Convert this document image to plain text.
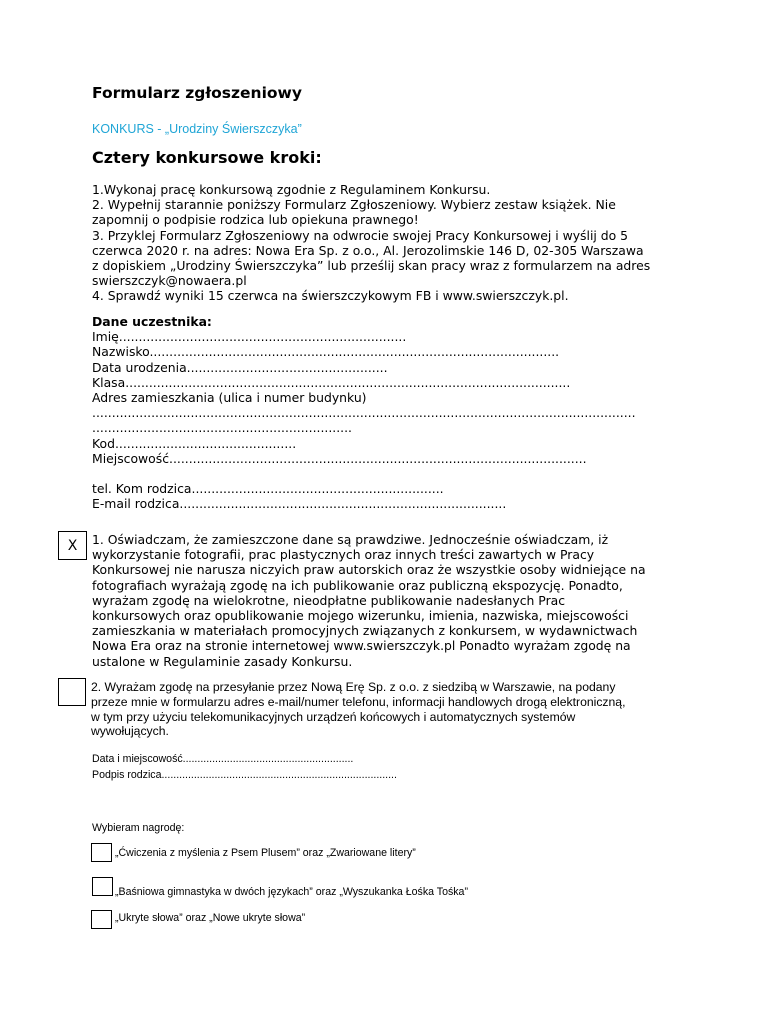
Formularz zgłoszeniowy
KONKURS - „Urodziny Świerszczyka”
Cztery konkursowe kroki:
1.Wykonaj pracę konkursową zgodnie z Regulaminem Konkursu.
2. Wypełnij starannie poniższy Formularz Zgłoszeniowy. Wybierz zestaw książek. Nie
zapomnij o podpisie rodzica lub opiekuna prawnego!
3. Przyklej Formularz Zgłoszeniowy na odwrocie swojej Pracy Konkursowej i wyślij do 5
czerwca 2020 r. na adres: Nowa Era Sp. z o.o., Al. Jerozolimskie 146 D, 02-305 Warszawa
z dopiskiem „Urodziny Świerszczyka” lub prześlij skan pracy wraz z formularzem na adres
swierszczyk@nowaera.pl
4. Sprawdź wyniki 15 czerwca na świerszczykowym FB i www.swierszczyk.pl.
Dane uczestnika:
Imię.........................................................................
Nazwisko........................................................................................................
Data urodzenia...................................................
Klasa.................................................................................................................
Adres zamieszkania (ulica i numer budynku)
..........................................................................................................................................
..................................................................
Kod..............................................
Miejscowość..........................................................................................................
tel. Kom rodzica................................................................
E-mail rodzica...................................................................................
X 1. Oświadczam, że zamieszczone dane są prawdziwe. Jednocześnie oświadczam, iż
wykorzystanie fotografii, prac plastycznych oraz innych treści zawartych w Pracy
Konkursowej nie narusza niczyich praw autorskich oraz że wszystkie osoby widniejące na
fotografiach wyrażają zgodę na ich publikowanie oraz publiczną ekspozycję. Ponadto,
wyrażam zgodę na wielokrotne, nieodpłatne publikowanie nadesłanych Prac
konkursowych oraz opublikowanie mojego wizerunku, imienia, nazwiska, miejscowości
zamieszkania w materiałach promocyjnych związanych z konkursem, w wydawnictwach
Nowa Era oraz na stronie internetowej www.swierszczyk.pl Ponadto wyrażam zgodę na
ustalone w Regulaminie zasady Konkursu.
2. Wyrażam zgodę na przesyłanie przez Nową Erę Sp. z o.o. z siedzibą w Warszawie, na podany
przeze mnie w formularzu adres e-mail/numer telefonu, informacji handlowych drogą elektroniczną,
w tym przy użyciu telekomunikacyjnych urządzeń końcowych i automatycznych systemów
wywołujących.
Data i miejscowość..........................................................
Podpis rodzica................................................................................
Wybieram nagrodę:
„Ćwiczenia z myślenia z Psem Plusem” oraz „Zwariowane litery”
„Baśniowa gimnastyka w dwóch językach” oraz „Wyszukanka Łośka Tośka”
„Ukryte słowa” oraz „Nowe ukryte słowa”
